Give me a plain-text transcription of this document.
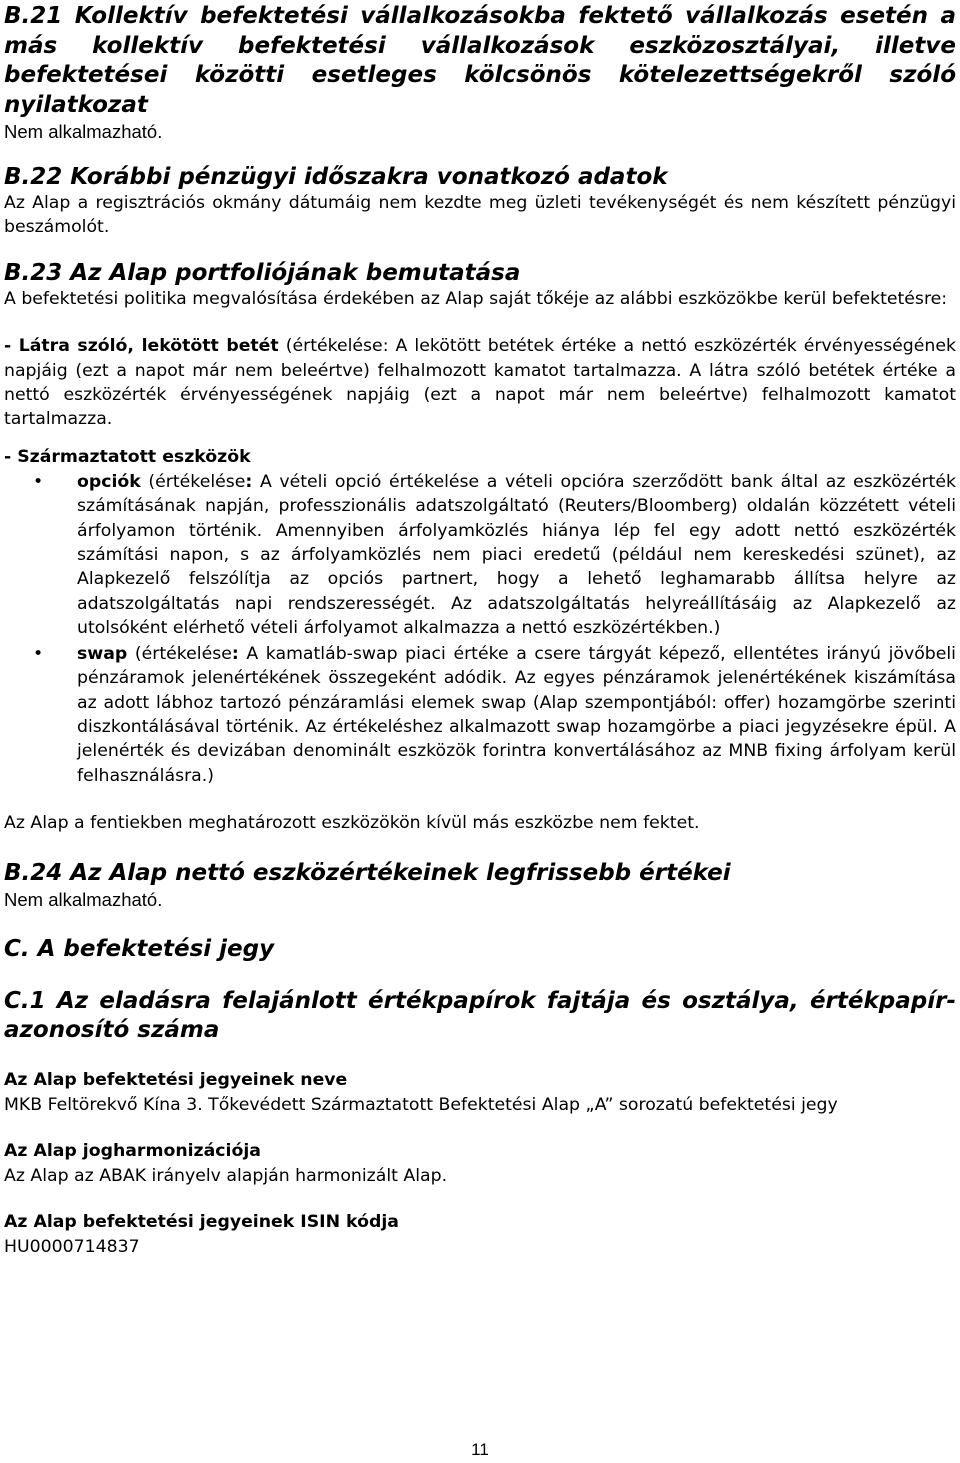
B.21 Kollektív befektetési vállalkozásokba fektető vállalkozás esetén a más kollektív befektetési vállalkozások eszközosztályai, illetve befektetései közötti esetleges kölcsönös kötelezettségekről szóló nyilatkozat

Nem alkalmazható.

B.22 Korábbi pénzügyi időszakra vonatkozó adatok

Az Alap a regisztrációs okmány dátumáig nem kezdte meg üzleti tevékenységét és nem készített pénzügyi beszámolót.

B.23 Az Alap portfoliójának bemutatása

A befektetési politika megvalósítása érdekében az Alap saját tőkéje az alábbi eszközökbe kerül befektetésre:

- Látra szóló, lekötött betét (értékelése: A lekötött betétek értéke a nettó eszközérték érvényességének napjáig (ezt a napot már nem beleértve) felhalmozott kamatot tartalmazza. A látra szóló betétek értéke a nettó eszközérték érvényességének napjáig (ezt a napot már nem beleértve) felhalmozott kamatot tartalmazza.

- Származtatott eszközök

• opciók (értékelése: A vételi opció értékelése a vételi opcióra szerződött bank által az eszközérték számításának napján, professzionális adatszolgáltató (Reuters/Bloomberg) oldalán közzétett vételi árfolyamon történik. Amennyiben árfolyamközlés hiánya lép fel egy adott nettó eszközérték számítási napon, s az árfolyamközlés nem piaci eredetű (például nem kereskedési szünet), az Alapkezelő felszólítja az opciós partnert, hogy a lehető leghamarabb állítsa helyre az adatszolgáltatás napi rendszerességét. Az adatszolgáltatás helyreállításáig az Alapkezelő az utolsóként elérhető vételi árfolyamot alkalmazza a nettó eszközértékben.)
• swap (értékelése: A kamatláb-swap piaci értéke a csere tárgyát képező, ellentétes irányú jövőbeli pénzáramok jelenértékének összegeként adódik. Az egyes pénzáramok jelenértékének kiszámítása az adott lábhoz tartozó pénzáramlási elemek swap (Alap szempontjából: offer) hozamgörbe szerinti diszkontálásával történik. Az értékeléshez alkalmazott swap hozamgörbe a piaci jegyzésekre épül. A jelenérték és devizában denominált eszközök forintra konvertálásához az MNB fixing árfolyam kerül felhasználásra.)

Az Alap a fentiekben meghatározott eszközökön kívül más eszközbe nem fektet.

B.24 Az Alap nettó eszközértékeinek legfrissebb értékei

Nem alkalmazható.

C. A befektetési jegy

C.1 Az eladásra felajánlott értékpapírok fajtája és osztálya, értékpapír-azonosító száma

Az Alap befektetési jegyeinek neve

MKB Feltörekvő Kína 3. Tőkevédett Származtatott Befektetési Alap „A” sorozatú befektetési jegy

Az Alap jogharmonizációja

Az Alap az ABAK irányelv alapján harmonizált Alap.

Az Alap befektetési jegyeinek ISIN kódja

HU0000714837

11
